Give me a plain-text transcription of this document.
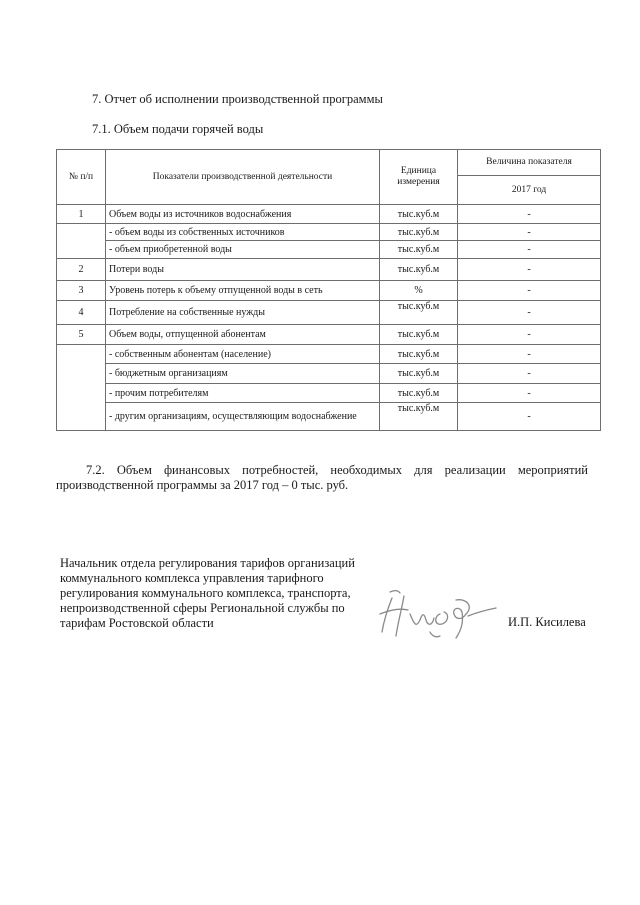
7. Отчет об исполнении производственной программы
7.1. Объем подачи горячей воды
№ п/п	Показатели производственной деятельности	Единица измерения	Величина показателя
			2017 год
1	Объем воды из источников водоснабжения	тыс.куб.м	-
	- объем воды из собственных источников	тыс.куб.м	-
	- объем приобретенной воды	тыс.куб.м	-
2	Потери воды	тыс.куб.м	-
3	Уровень потерь к объему отпущенной воды в сеть	%	-
4	Потребление на собственные нужды	тыс.куб.м	-
5	Объем воды, отпущенной абонентам	тыс.куб.м	-
	- собственным абонентам (население)	тыс.куб.м	-
	- бюджетным организациям	тыс.куб.м	-
	- прочим потребителям	тыс.куб.м	-
	- другим организациям, осуществляющим водоснабжение	тыс.куб.м	-
7.2. Объем финансовых потребностей, необходимых для реализации мероприятий производственной программы за 2017 год – 0 тыс. руб.
Начальник отдела регулирования тарифов организаций коммунального комплекса управления тарифного регулирования коммунального комплекса, транспорта, непроизводственной сферы Региональной службы по тарифам Ростовской области	И.П. Кисилева
